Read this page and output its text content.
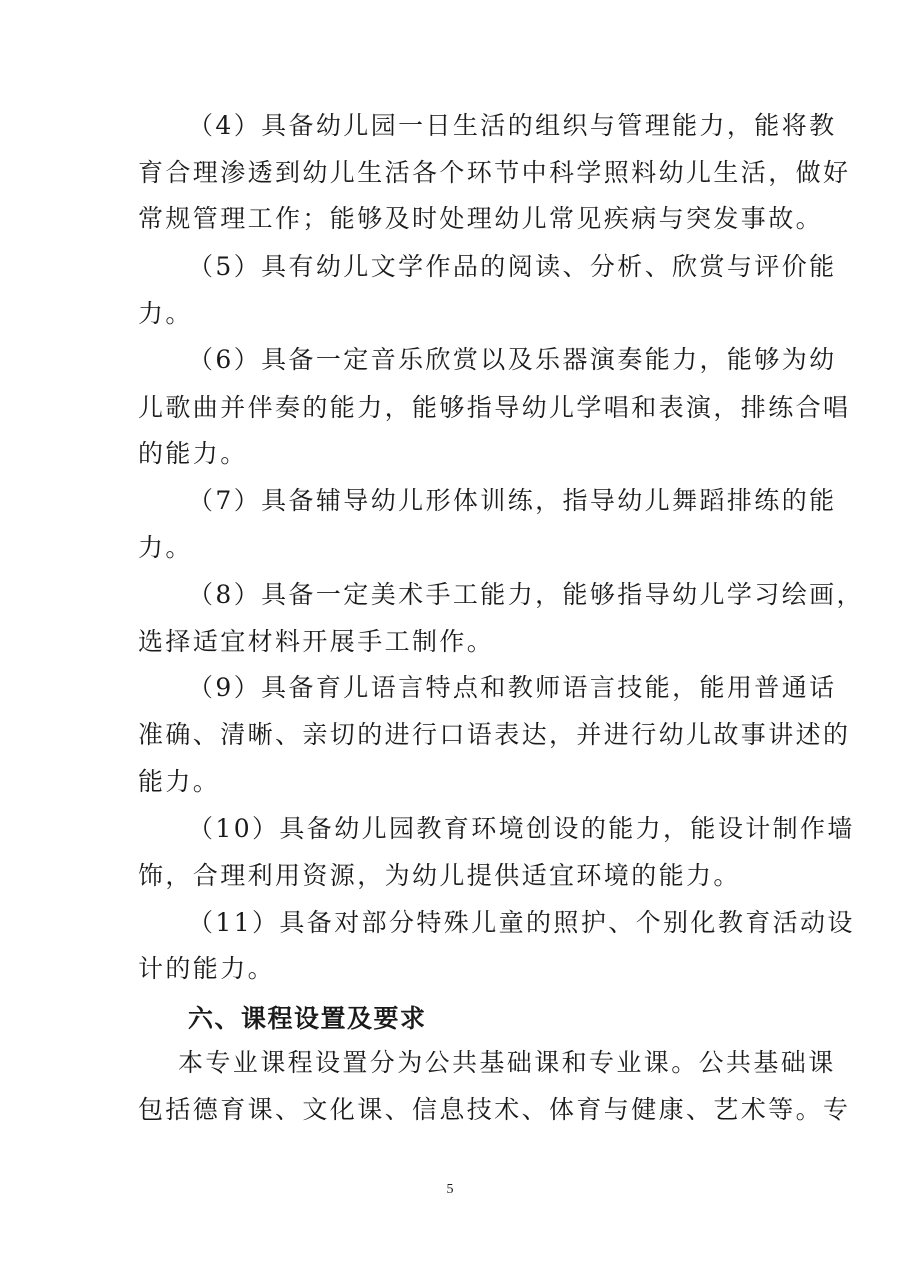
（4）具备幼儿园一日生活的组织与管理能力，能将教
育合理渗透到幼儿生活各个环节中科学照料幼儿生活，做好
常规管理工作；能够及时处理幼儿常见疾病与突发事故。
（5）具有幼儿文学作品的阅读、分析、欣赏与评价能
力。
（6）具备一定音乐欣赏以及乐器演奏能力，能够为幼
儿歌曲并伴奏的能力，能够指导幼儿学唱和表演，排练合唱
的能力。
（7）具备辅导幼儿形体训练，指导幼儿舞蹈排练的能
力。
（8）具备一定美术手工能力，能够指导幼儿学习绘画，
选择适宜材料开展手工制作。
（9）具备育儿语言特点和教师语言技能，能用普通话
准确、清晰、亲切的进行口语表达，并进行幼儿故事讲述的
能力。
（10）具备幼儿园教育环境创设的能力，能设计制作墙
饰，合理利用资源，为幼儿提供适宜环境的能力。
（11）具备对部分特殊儿童的照护、个别化教育活动设
计的能力。
六、课程设置及要求
本专业课程设置分为公共基础课和专业课。公共基础课
包括德育课、文化课、信息技术、体育与健康、艺术等。专
5
